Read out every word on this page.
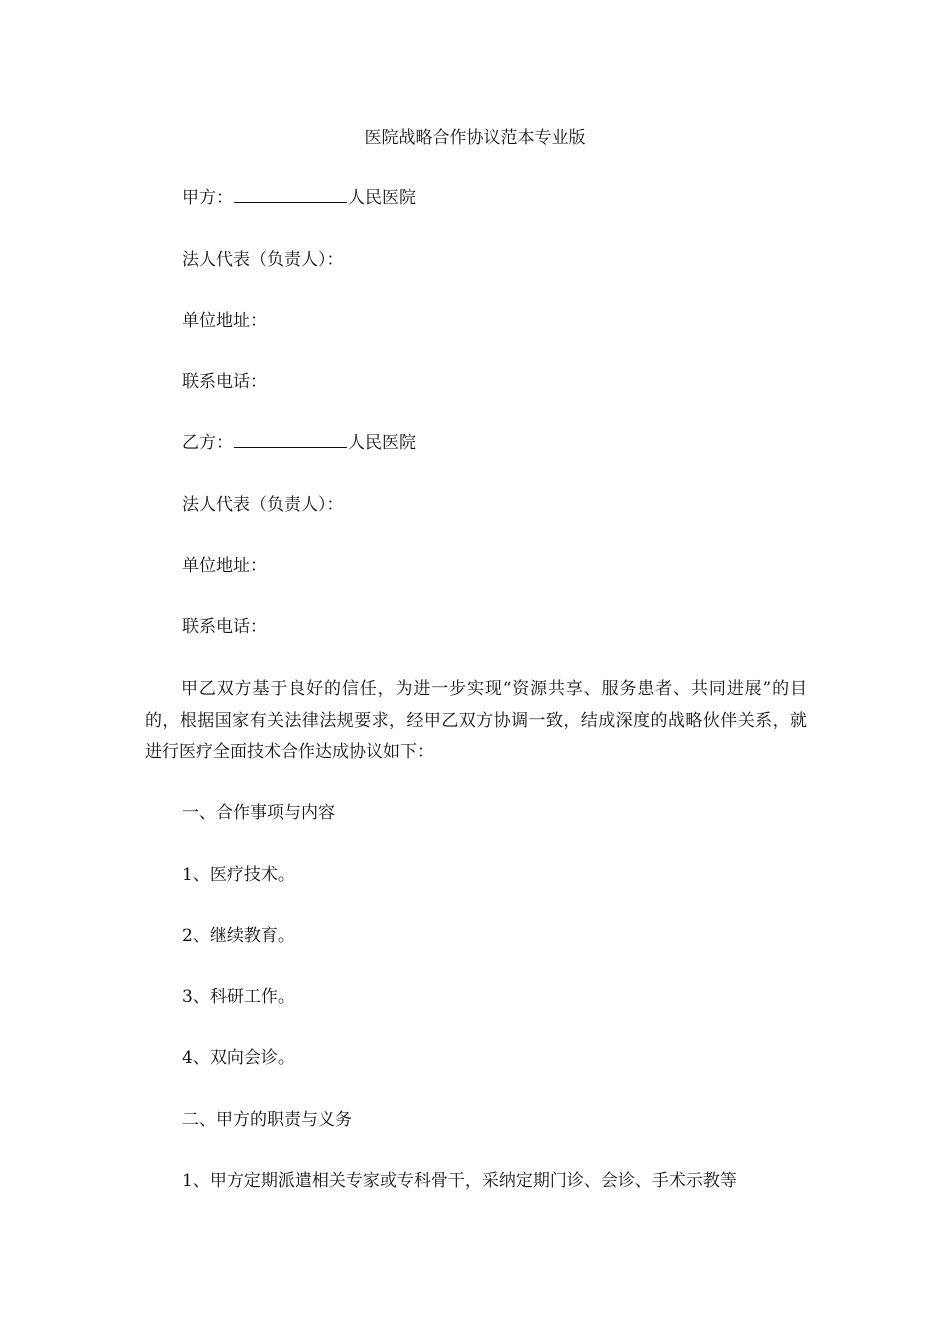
医院战略合作协议范本专业版
甲方：	人民医院
法人代表（负责人）：
单位地址：
联系电话：
乙方：	人民医院
法人代表（负责人）：
单位地址：
联系电话：
甲乙双方基于良好的信任，为进一步实现“资源共享、服务患者、共同进展”的目的，根据国家有关法律法规要求，经甲乙双方协调一致，结成深度的战略伙伴关系，就进行医疗全面技术合作达成协议如下：
一、合作事项与内容
1、医疗技术。
2、继续教育。
3、科研工作。
4、双向会诊。
二、甲方的职责与义务
1、甲方定期派遣相关专家或专科骨干，采纳定期门诊、会诊、手术示教等
